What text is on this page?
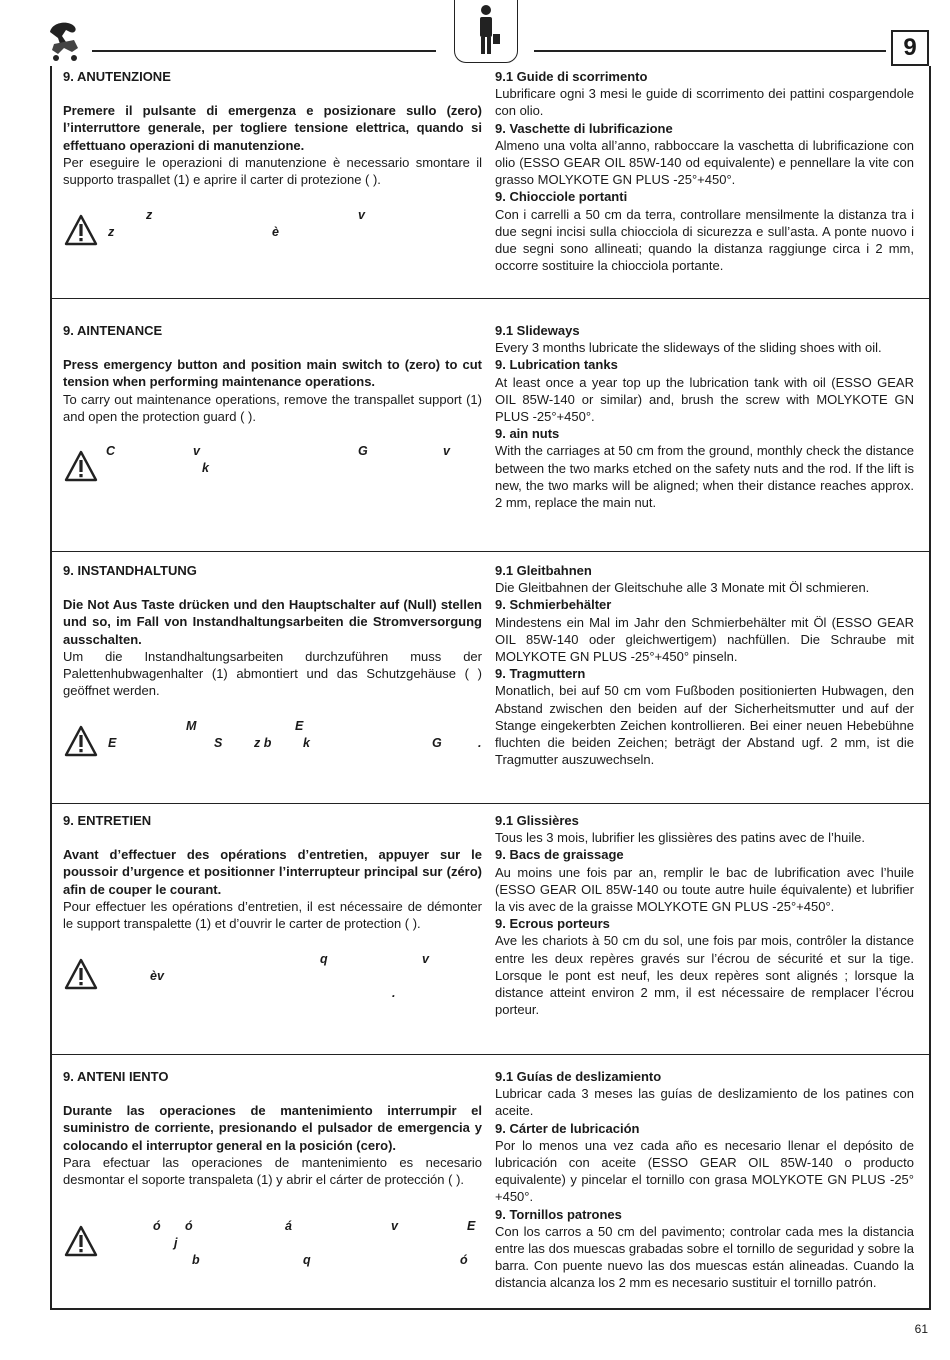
9

9. ANUTENZIONE

Premere il pulsante di emergenza e posizionare sullo (zero) l’interruttore generale, per togliere tensione elettrica, quando si effettuano operazioni di manutenzione.

Per eseguire le operazioni di manutenzione è necessario smontare il supporto traspallet (1) e aprire il carter di protezione ( ).

z	v
z	è

9.1 Guide di scorrimento

Lubrificare ogni 3 mesi le guide di scorrimento dei pattini cospargendole con olio.

9. Vaschette di lubrificazione

Almeno una volta all’anno, rabboccare la vaschetta di lubrificazione con olio (ESSO GEAR OIL 85W-140 od equivalente) e pennellare la vite con grasso MOLYKOTE GN PLUS -25°+450°.

9. Chiocciole portanti

Con i carrelli a 50 cm da terra, controllare mensilmente la distanza tra i due segni incisi sulla chiocciola di sicurezza e sull’asta. A ponte nuovo i due segni sono allineati; quando la distanza raggiunge circa i 2 mm, occorre sostituire la chiocciola portante.

9. AINTENANCE

Press emergency button and position main switch to (zero) to cut tension when performing maintenance operations.

To carry out maintenance operations, remove the transpallet support (1) and open the protection guard ( ).

C	v	G	v
k

9.1 Slideways

Every 3 months lubricate the slideways of the sliding shoes with oil.

9. Lubrication tanks

At least once a year top up the lubrication tank with oil (ESSO GEAR OIL 85W-140 or similar) and, brush the screw with MOLYKOTE GN PLUS -25°+450°.

9. ain nuts

With the carriages at 50 cm from the ground, monthly check the distance between the two marks etched on the safety nuts and the rod. If the lift is new, the two marks will be aligned; when their distance reaches approx. 2 mm, replace the main nut.

9. INSTANDHALTUNG

Die Not Aus Taste drücken und den Hauptschalter auf (Null) stellen und so, im Fall von Instandhaltungsarbeiten die Stromversorgung ausschalten.

Um die Instandhaltungsarbeiten durchzuführen muss der Palettenhubwagenhalter (1) abmontiert und das Schutzgehäuse ( ) geöffnet werden.

M	E
E	S	z b	k	G	.

9.1 Gleitbahnen

Die Gleitbahnen der Gleitschuhe alle 3 Monate mit Öl schmieren.

9. Schmierbehälter

Mindestens ein Mal im Jahr den Schmierbehälter mit Öl (ESSO GEAR OIL 85W-140 oder gleichwertigem) nachfüllen. Die Schraube mit MOLYKOTE GN PLUS -25°+450° pinseln.

9. Tragmuttern

Monatlich, bei auf 50 cm vom Fußboden positionierten Hubwagen, den Abstand zwischen den beiden auf der Sicherheitsmutter und auf der Stange eingekerbten Zeichen kontrollieren. Bei einer neuen Hebebühne fluchten die beiden Zeichen; beträgt der Abstand ugf. 2 mm, ist die Tragmutter auszuwechseln.

9. ENTRETIEN

Avant d’effectuer des opérations d’entretien, appuyer sur le poussoir d’urgence et positionner l’interrupteur principal sur (zéro) afin de couper le courant.

Pour effectuer les opérations d’entretien, il est nécessaire de démonter le support transpalette (1) et d’ouvrir le carter de protection ( ).

q	v
èv
.

9.1 Glissières

Tous les 3 mois, lubrifier les glissières des patins avec de l’huile.

9. Bacs de graissage

Au moins une fois par an, remplir le bac de lubrification avec l’huile (ESSO GEAR OIL 85W-140 ou toute autre huile équivalente) et lubrifier la vis avec de la graisse MOLYKOTE GN PLUS -25°+450°.

9. Ecrous porteurs

Ave les chariots à 50 cm du sol, une fois par mois, contrôler la distance entre les deux repères gravés sur l’écrou de sécurité et sur la tige. Lorsque le pont est neuf, les deux repères sont alignés ; lorsque la distance atteint environ 2 mm, il est nécessaire de remplacer l’écrou porteur.

9. ANTENI IENTO

Durante las operaciones de mantenimiento interrumpir el suministro de corriente, presionando el pulsador de emergencia y colocando el interruptor general en la posición (cero).

Para efectuar las operaciones de mantenimiento es necesario desmontar el soporte transpaleta (1) y abrir el cárter de protección ( ).

ó ó	á	v	E
j
b	q	ó

9.1 Guías de deslizamiento

Lubricar cada 3 meses las guías de deslizamiento de los patines con aceite.

9. Cárter de lubricación

Por lo menos una vez cada año es necesario llenar el depósito de lubricación con aceite (ESSO GEAR OIL 85W-140 o producto equivalente) y pincelar el tornillo con grasa MOLYKOTE GN PLUS -25°+450°.

9. Tornillos patrones

Con los carros a 50 cm del pavimento; controlar cada mes la distancia entre las dos muescas grabadas sobre el tornillo de seguridad y sobre la barra. Con puente nuevo las dos muescas están alineadas. Cuando la distancia alcanza los 2 mm es necesario sustituir el tornillo patrón.

61
